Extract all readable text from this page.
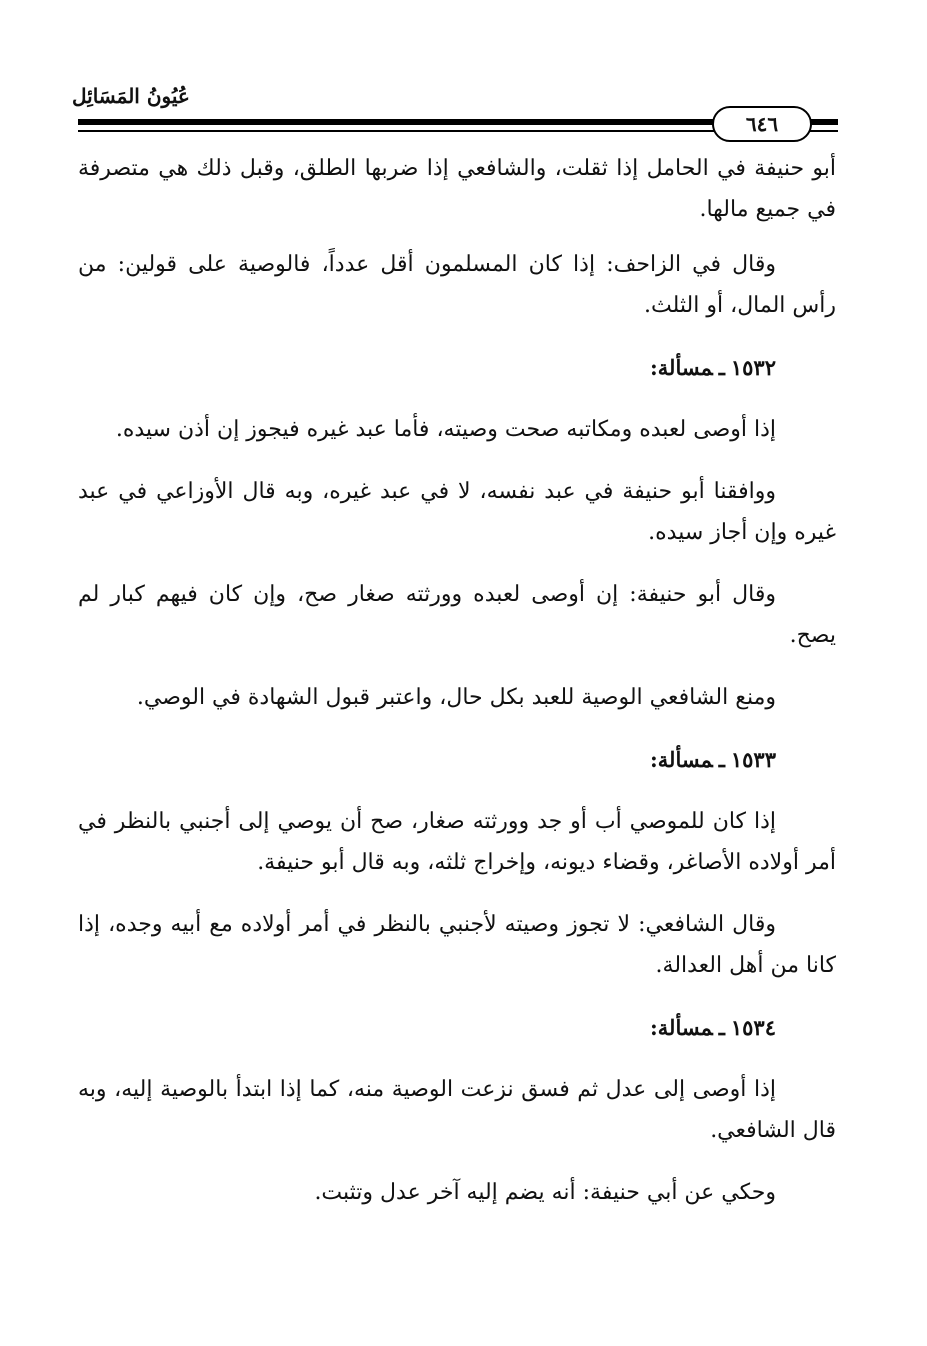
عُيُونُ المَسَائِل
٦٤٦

أبو حنيفة في الحامل إذا ثقلت، والشافعي إذا ضربها الطلق، وقبل ذلك هي متصرفة في جميع مالها.

وقال في الزاحف: إذا كان المسلمون أقل عدداً، فالوصية على قولين: من رأس المال، أو الثلث.

١٥٣٢ـمسألة:

إذا أوصى لعبده ومكاتبه صحت وصيته، فأما عبد غيره فيجوز إن أذن سيده.

ووافقنا أبو حنيفة في عبد نفسه، لا في عبد غيره، وبه قال الأوزاعي في عبد غيره وإن أجاز سيده.

وقال أبو حنيفة: إن أوصى لعبده وورثته صغار صح، وإن كان فيهم كبار لم يصح.

ومنع الشافعي الوصية للعبد بكل حال، واعتبر قبول الشهادة في الوصي.

١٥٣٣ـمسألة:

إذا كان للموصي أب أو جد وورثته صغار، صح أن يوصي إلى أجنبي بالنظر في أمر أولاده الأصاغر، وقضاء ديونه، وإخراج ثلثه، وبه قال أبو حنيفة.

وقال الشافعي: لا تجوز وصيته لأجنبي بالنظر في أمر أولاده مع أبيه وجده، إذا كانا من أهل العدالة.

١٥٣٤ـمسألة:

إذا أوصى إلى عدل ثم فسق نزعت الوصية منه، كما إذا ابتدأ بالوصية إليه، وبه قال الشافعي.

وحكي عن أبي حنيفة: أنه يضم إليه آخر عدل وتثبت.
